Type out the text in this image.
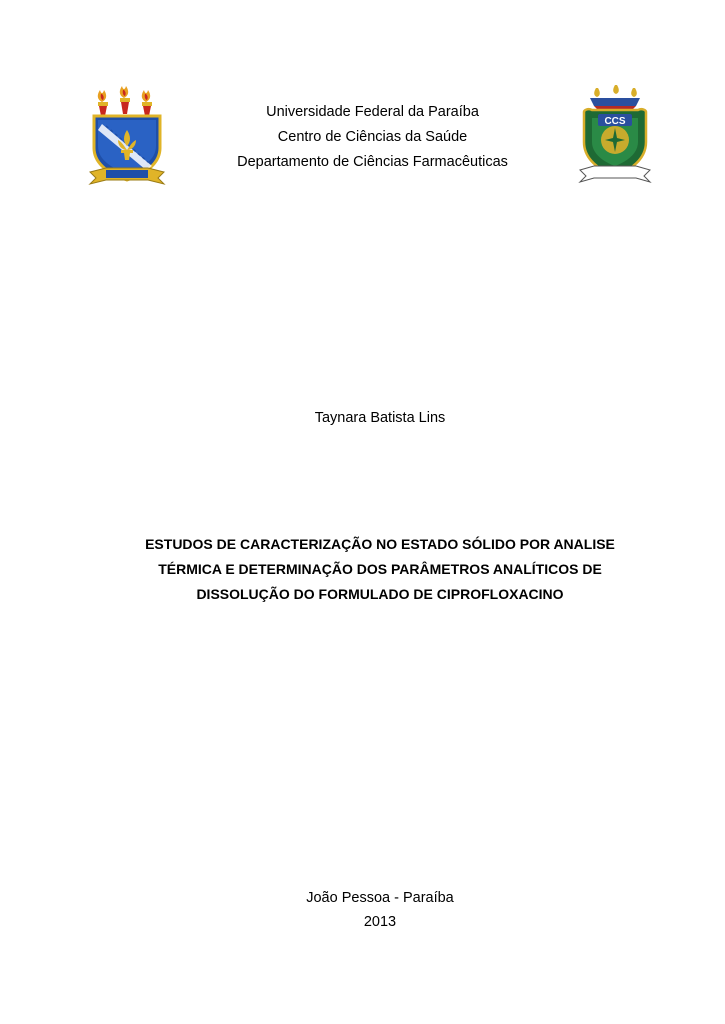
Universidade Federal da Paraíba
Centro de Ciências da Saúde
Departamento de Ciências Farmacêuticas
CCS
Taynara Batista Lins
ESTUDOS DE CARACTERIZAÇÃO NO ESTADO SÓLIDO POR ANALISE
TÉRMICA E DETERMINAÇÃO DOS PARÂMETROS ANALÍTICOS DE
DISSOLUÇÃO DO FORMULADO DE CIPROFLOXACINO
João Pessoa - Paraíba
2013
